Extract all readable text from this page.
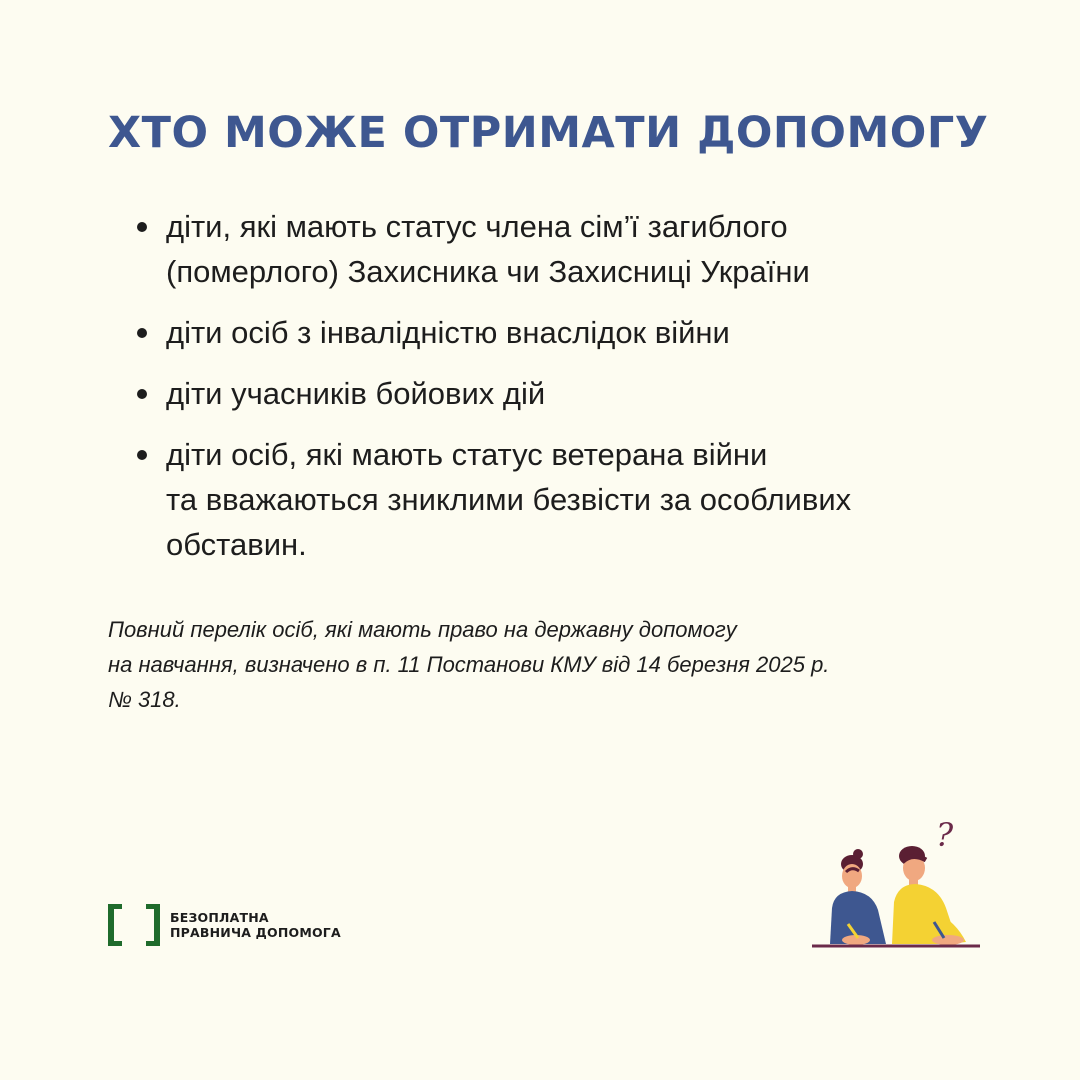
ХТО МОЖЕ ОТРИМАТИ ДОПОМОГУ
діти, які мають статус члена сім’ї загиблого
(померлого) Захисника чи Захисниці України
діти осіб з інвалідністю внаслідок війни
діти учасників бойових дій
діти осіб, які мають статус ветерана війни
та вважаються зниклими безвісти за особливих
обставин.

Повний перелік осіб, які мають право на державну допомогу
на навчання, визначено в п. 11 Постанови КМУ від 14 березня 2025 р.
№ 318.

БЕЗОПЛАТНА
ПРАВНИЧА ДОПОМОГА
?
